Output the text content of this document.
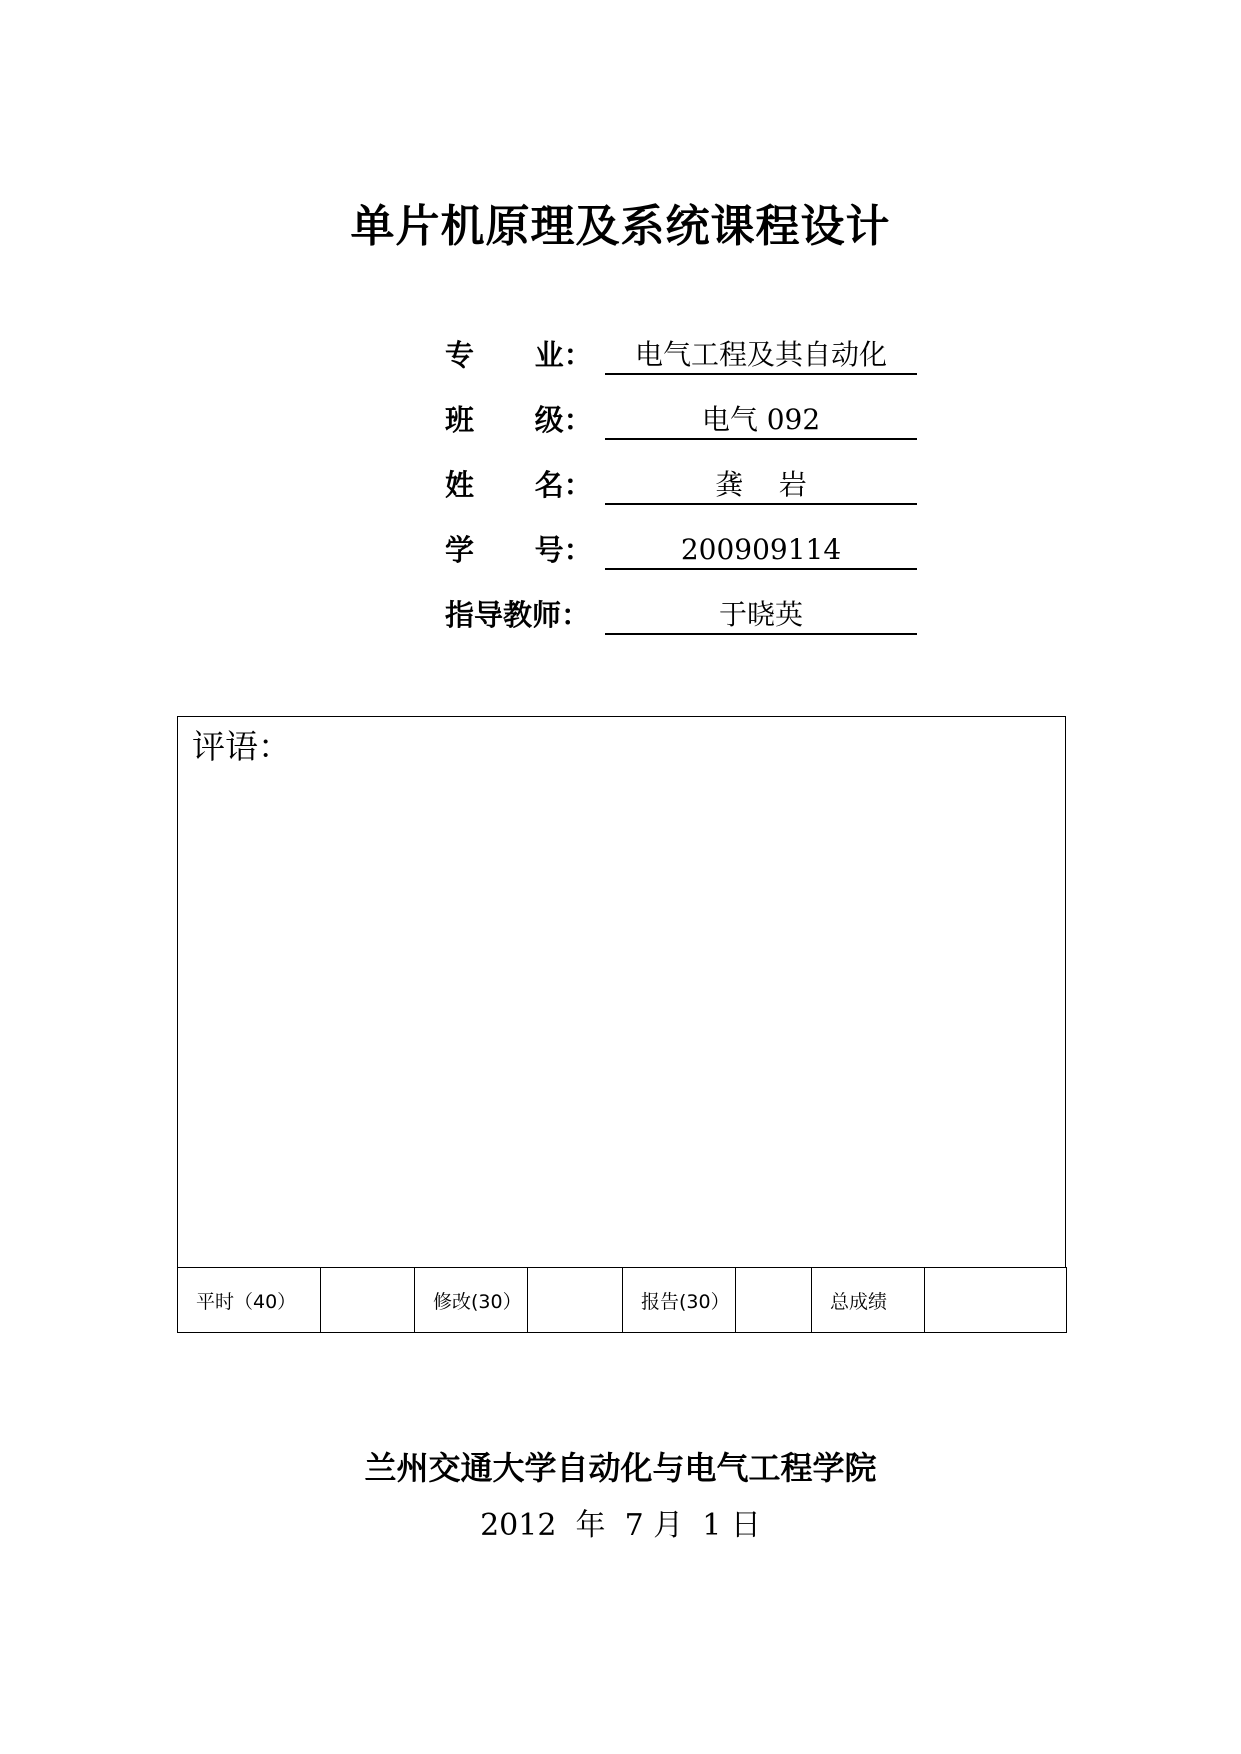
单片机原理及系统课程设计
专      业：	电气工程及其自动化
班      级：	电气 092
姓      名：	龚    岩
学      号：	200909114
指导教师：	于晓英
评语：
平时（40）		修改(30）		报告(30）		总成绩	
兰州交通大学自动化与电气工程学院
2012  年  7 月  1 日
